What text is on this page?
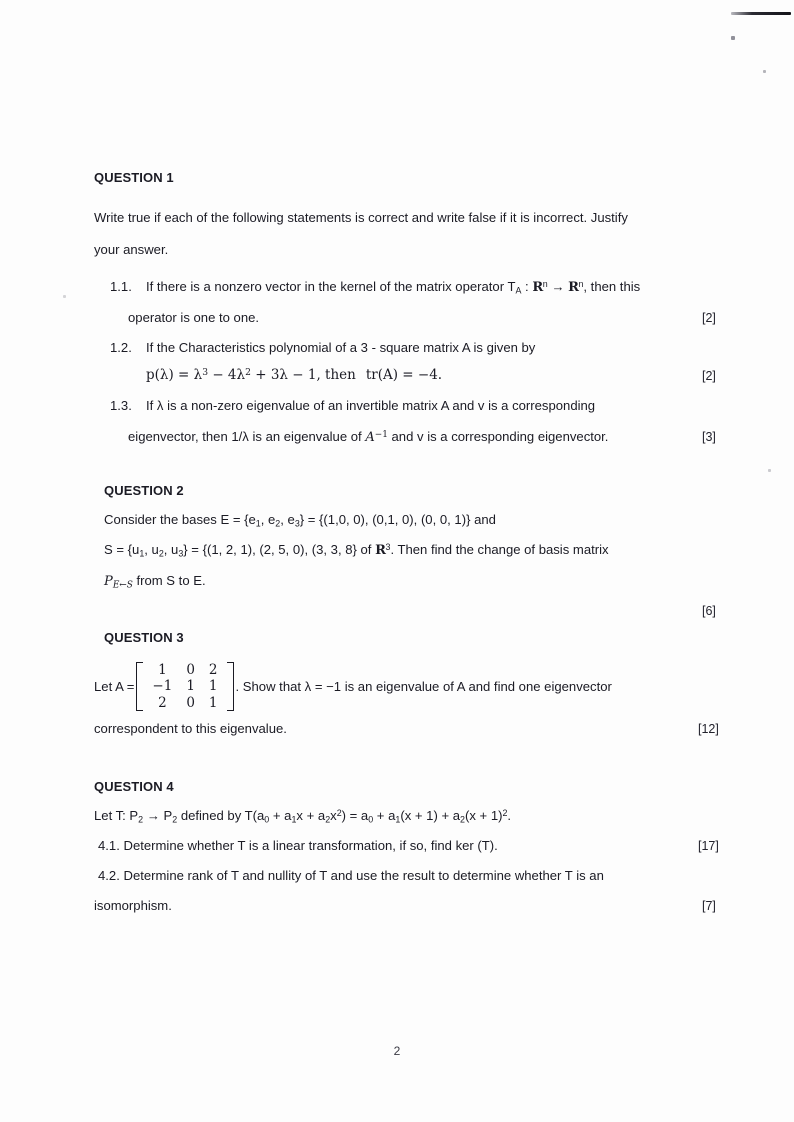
QUESTION 1
Write true if each of the following statements is correct and write false if it is incorrect. Justify
your answer.
1.1. If there is a nonzero vector in the kernel of the matrix operator $T_A$ : $R^n \to R^n$, then this
operator is one to one.	[2]
1.2. If the Characteristics polynomial of a 3 - square matrix A is given by
$p(\lambda) = \lambda^3 - 4\lambda^2 + 3\lambda - 1$, then tr(A) = −4.	[2]
1.3. If λ is a non-zero eigenvalue of an invertible matrix A and v is a corresponding
eigenvector, then 1/λ is an eigenvalue of $A^{-1}$ and v is a corresponding eigenvector.	[3]
QUESTION 2
Consider the bases $E = \{e_1$, $e_2$, $e_3\} = \{(1,0$, 0), (0,1, 0), (0, 0, 1)} and
$S = \{u_1$, $u_2$, $u_3\} = \{(1$, 2, 1), (2, 5, 0), (3, 3, 8} of $R^3$. Then find the change of basis matrix
$P_{E\leftarrow S}$ from S to E.
[6]
QUESTION 3
Let A =
1	0	2
−1	1	1
2	0	1
. Show that λ = −1 is an eigenvalue of A and find one eigenvector
correspondent to this eigenvalue.	[12]
QUESTION 4
Let T: $P_2 \to P_2$ defined by $T(a_0 + a_1x + a_2x^2) = a_0 + a_1(x + 1) + a_2(x + 1)^2$.
4.1. Determine whether T is a linear transformation, if so, find ker (T).	[17]
4.2. Determine rank of T and nullity of T and use the result to determine whether T is an
isomorphism.	[7]
2
